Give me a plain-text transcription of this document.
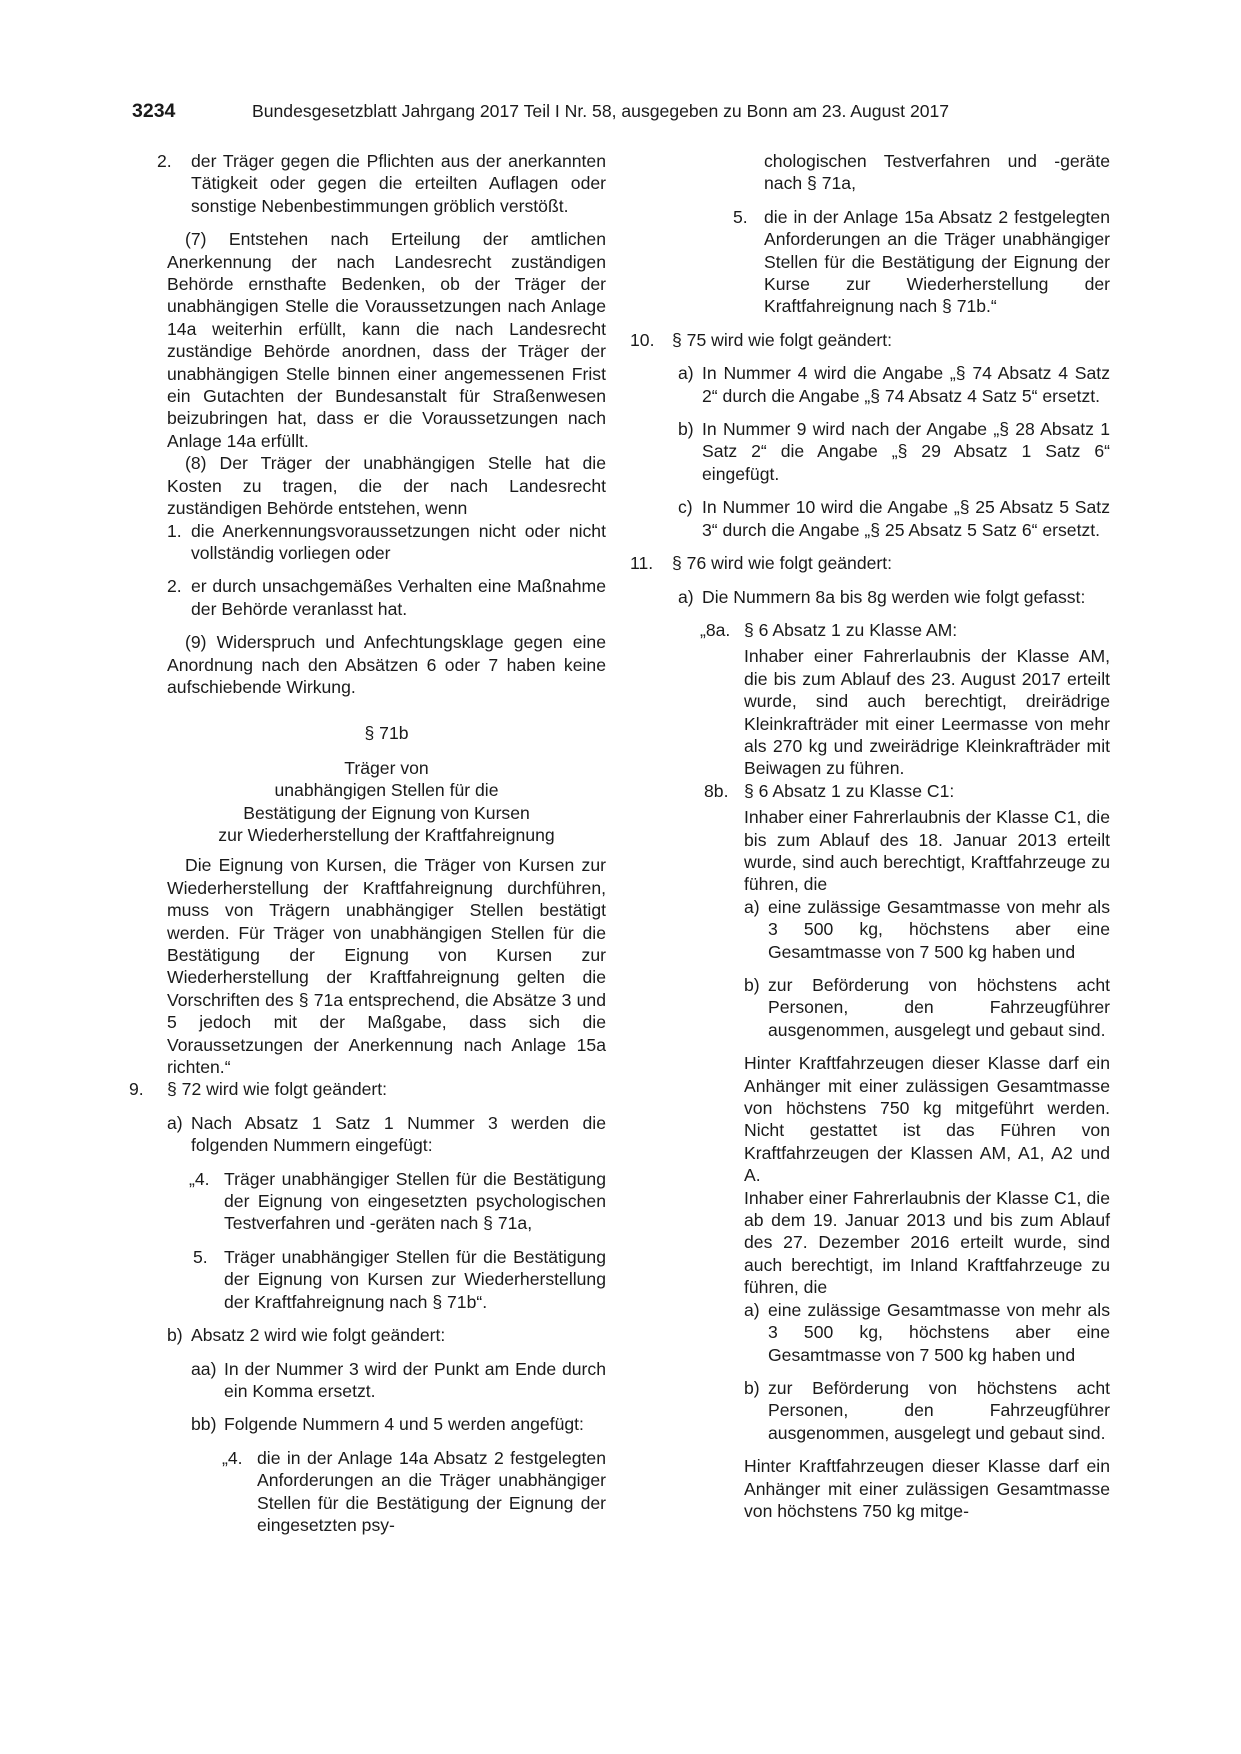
3234	Bundesgesetzblatt Jahrgang 2017 Teil I Nr. 58, ausgegeben zu Bonn am 23. August 2017
2. der Träger gegen die Pflichten aus der anerkannten Tätigkeit oder gegen die erteilten Auflagen oder sonstige Nebenbestimmungen gröblich verstößt.

(7) Entstehen nach Erteilung der amtlichen Anerkennung der nach Landesrecht zuständigen Behörde ernsthafte Bedenken, ob der Träger der unabhängigen Stelle die Voraussetzungen nach Anlage 14a weiterhin erfüllt, kann die nach Landesrecht zuständige Behörde anordnen, dass der Träger der unabhängigen Stelle binnen einer angemessenen Frist ein Gutachten der Bundesanstalt für Straßenwesen beizubringen hat, dass er die Voraussetzungen nach Anlage 14a erfüllt.

(8) Der Träger der unabhängigen Stelle hat die Kosten zu tragen, die der nach Landesrecht zuständigen Behörde entstehen, wenn

1. die Anerkennungsvoraussetzungen nicht oder nicht vollständig vorliegen oder

2. er durch unsachgemäßes Verhalten eine Maßnahme der Behörde veranlasst hat.

(9) Widerspruch und Anfechtungsklage gegen eine Anordnung nach den Absätzen 6 oder 7 haben keine aufschiebende Wirkung.

§ 71b

Träger von

unabhängigen Stellen für die

Bestätigung der Eignung von Kursen

zur Wiederherstellung der Kraftfahreignung

Die Eignung von Kursen, die Träger von Kursen zur Wiederherstellung der Kraftfahreignung durchführen, muss von Trägern unabhängiger Stellen bestätigt werden. Für Träger von unabhängigen Stellen für die Bestätigung der Eignung von Kursen zur Wiederherstellung der Kraftfahreignung gelten die Vorschriften des § 71a entsprechend, die Absätze 3 und 5 jedoch mit der Maßgabe, dass sich die Voraussetzungen der Anerkennung nach Anlage 15a richten.“

9. § 72 wird wie folgt geändert:

a) Nach Absatz 1 Satz 1 Nummer 3 werden die folgenden Nummern eingefügt:

„4. Träger unabhängiger Stellen für die Bestätigung der Eignung von eingesetzten psychologischen Testverfahren und -geräten nach § 71a,

5. Träger unabhängiger Stellen für die Bestätigung der Eignung von Kursen zur Wiederherstellung der Kraftfahreignung nach § 71b“.

b) Absatz 2 wird wie folgt geändert:

aa) In der Nummer 3 wird der Punkt am Ende durch ein Komma ersetzt.

bb) Folgende Nummern 4 und 5 werden angefügt:

„4. die in der Anlage 14a Absatz 2 festgelegten Anforderungen an die Träger unabhängiger Stellen für die Bestätigung der Eignung der eingesetzten psy-

chologischen Testverfahren und -geräte nach § 71a,

5. die in der Anlage 15a Absatz 2 festgelegten Anforderungen an die Träger unabhängiger Stellen für die Bestätigung der Eignung der Kurse zur Wiederherstellung der Kraftfahreignung nach § 71b.“

10. § 75 wird wie folgt geändert:

a) In Nummer 4 wird die Angabe „§ 74 Absatz 4 Satz 2“ durch die Angabe „§ 74 Absatz 4 Satz 5“ ersetzt.

b) In Nummer 9 wird nach der Angabe „§ 28 Absatz 1 Satz 2“ die Angabe „§ 29 Absatz 1 Satz 6“ eingefügt.

c) In Nummer 10 wird die Angabe „§ 25 Absatz 5 Satz 3“ durch die Angabe „§ 25 Absatz 5 Satz 6“ ersetzt.

11. § 76 wird wie folgt geändert:

a) Die Nummern 8a bis 8g werden wie folgt gefasst:

„8a. § 6 Absatz 1 zu Klasse AM:

Inhaber einer Fahrerlaubnis der Klasse AM, die bis zum Ablauf des 23. August 2017 erteilt wurde, sind auch berechtigt, dreirädrige Kleinkrafträder mit einer Leermasse von mehr als 270 kg und zweirädrige Kleinkrafträder mit Beiwagen zu führen.

8b. § 6 Absatz 1 zu Klasse C1:

Inhaber einer Fahrerlaubnis der Klasse C1, die bis zum Ablauf des 18. Januar 2013 erteilt wurde, sind auch berechtigt, Kraftfahrzeuge zu führen, die

a) eine zulässige Gesamtmasse von mehr als 3 500 kg, höchstens aber eine Gesamtmasse von 7 500 kg haben und

b) zur Beförderung von höchstens acht Personen, den Fahrzeugführer ausgenommen, ausgelegt und gebaut sind.

Hinter Kraftfahrzeugen dieser Klasse darf ein Anhänger mit einer zulässigen Gesamtmasse von höchstens 750 kg mitgeführt werden. Nicht gestattet ist das Führen von Kraftfahrzeugen der Klassen AM, A1, A2 und A.

Inhaber einer Fahrerlaubnis der Klasse C1, die ab dem 19. Januar 2013 und bis zum Ablauf des 27. Dezember 2016 erteilt wurde, sind auch berechtigt, im Inland Kraftfahrzeuge zu führen, die

a) eine zulässige Gesamtmasse von mehr als 3 500 kg, höchstens aber eine Gesamtmasse von 7 500 kg haben und

b) zur Beförderung von höchstens acht Personen, den Fahrzeugführer ausgenommen, ausgelegt und gebaut sind.

Hinter Kraftfahrzeugen dieser Klasse darf ein Anhänger mit einer zulässigen Gesamtmasse von höchstens 750 kg mitge-
